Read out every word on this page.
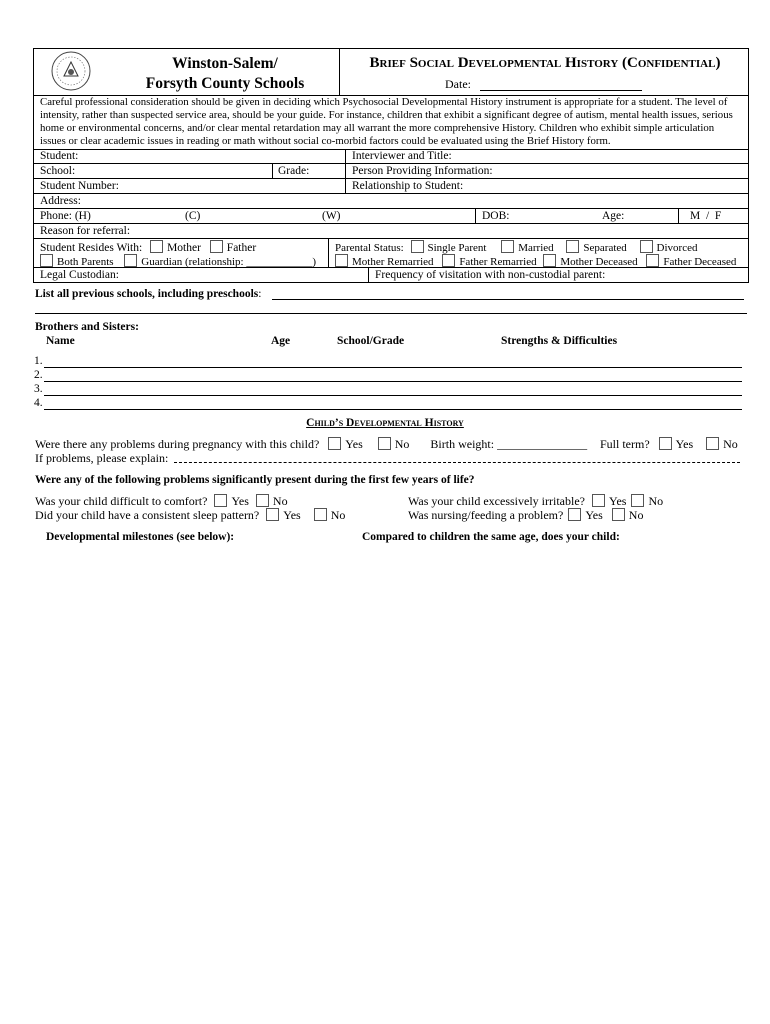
Winston-Salem/
Forsyth County Schools
Brief Social Developmental History (Confidential)
Date:
Careful professional consideration should be given in deciding which Psychosocial Developmental History instrument is appropriate for a student. The level of intensity, rather than suspected service area, should be your guide. For instance, children that exhibit a significant degree of autism, mental health issues, serious home or environmental concerns, and/or clear mental retardation may all warrant the more comprehensive History. Children who exhibit simple articulation issues or clear academic issues in reading or math without social co-morbid factors could be evaluated using the Brief History form.
Student:	Interviewer and Title:
School:	Grade:	Person Providing Information:
Student Number:	Relationship to Student:
Address:
Phone: (H)	(C)	(W)	DOB:	Age:	M  /  F
Reason for referral:
Student Resides With: Mother Father
Both Parents	Guardian (relationship: ____________)
Parental Status: Single Parent	Married	Separated	Divorced
Mother Remarried Father Remarried Mother Deceased Father Deceased
Legal Custodian:	Frequency of visitation with non-custodial parent:
List all previous schools, including preschools:
Brothers and Sisters:
Name	Age	School/Grade	Strengths & Difficulties
1.
2.
3.
4.
Child’s Developmental History
Were there any problems during pregnancy with this child? Yes	No Birth weight: _______________ Full term? Yes	No
If problems, please explain:
Were any of the following problems significantly present during the first few years of life?
Was your child difficult to comfort? Yes No
Did your child have a consistent sleep pattern? Yes	No
Was your child excessively irritable? Yes No
Was nursing/feeding a problem? Yes No
Developmental milestones (see below):	Compared to children the same age, does your child:
